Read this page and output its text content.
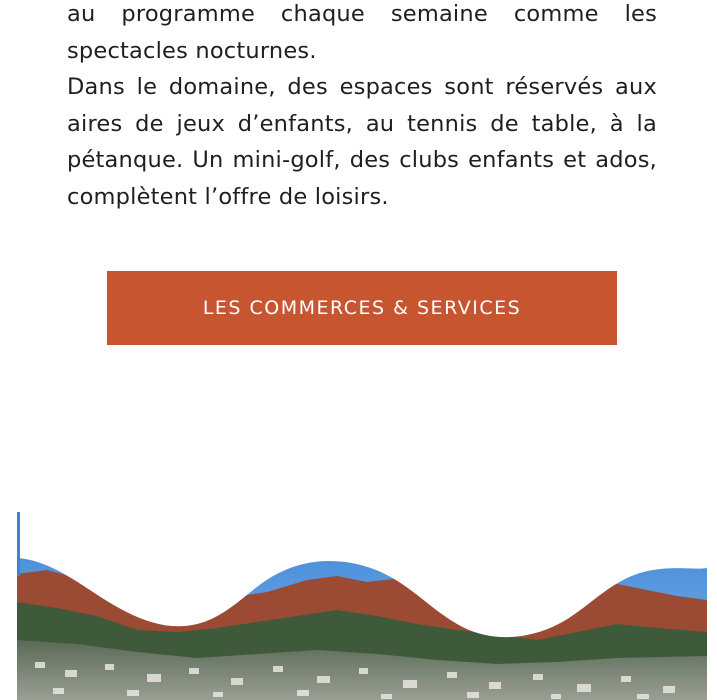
au programme chaque semaine comme les spectacles nocturnes.

Dans le domaine, des espaces sont réservés aux aires de jeux d’enfants, au tennis de table, à la pétanque. Un mini-golf, des clubs enfants et ados, complètent l’offre de loisirs.

LES COMMERCES & SERVICES
